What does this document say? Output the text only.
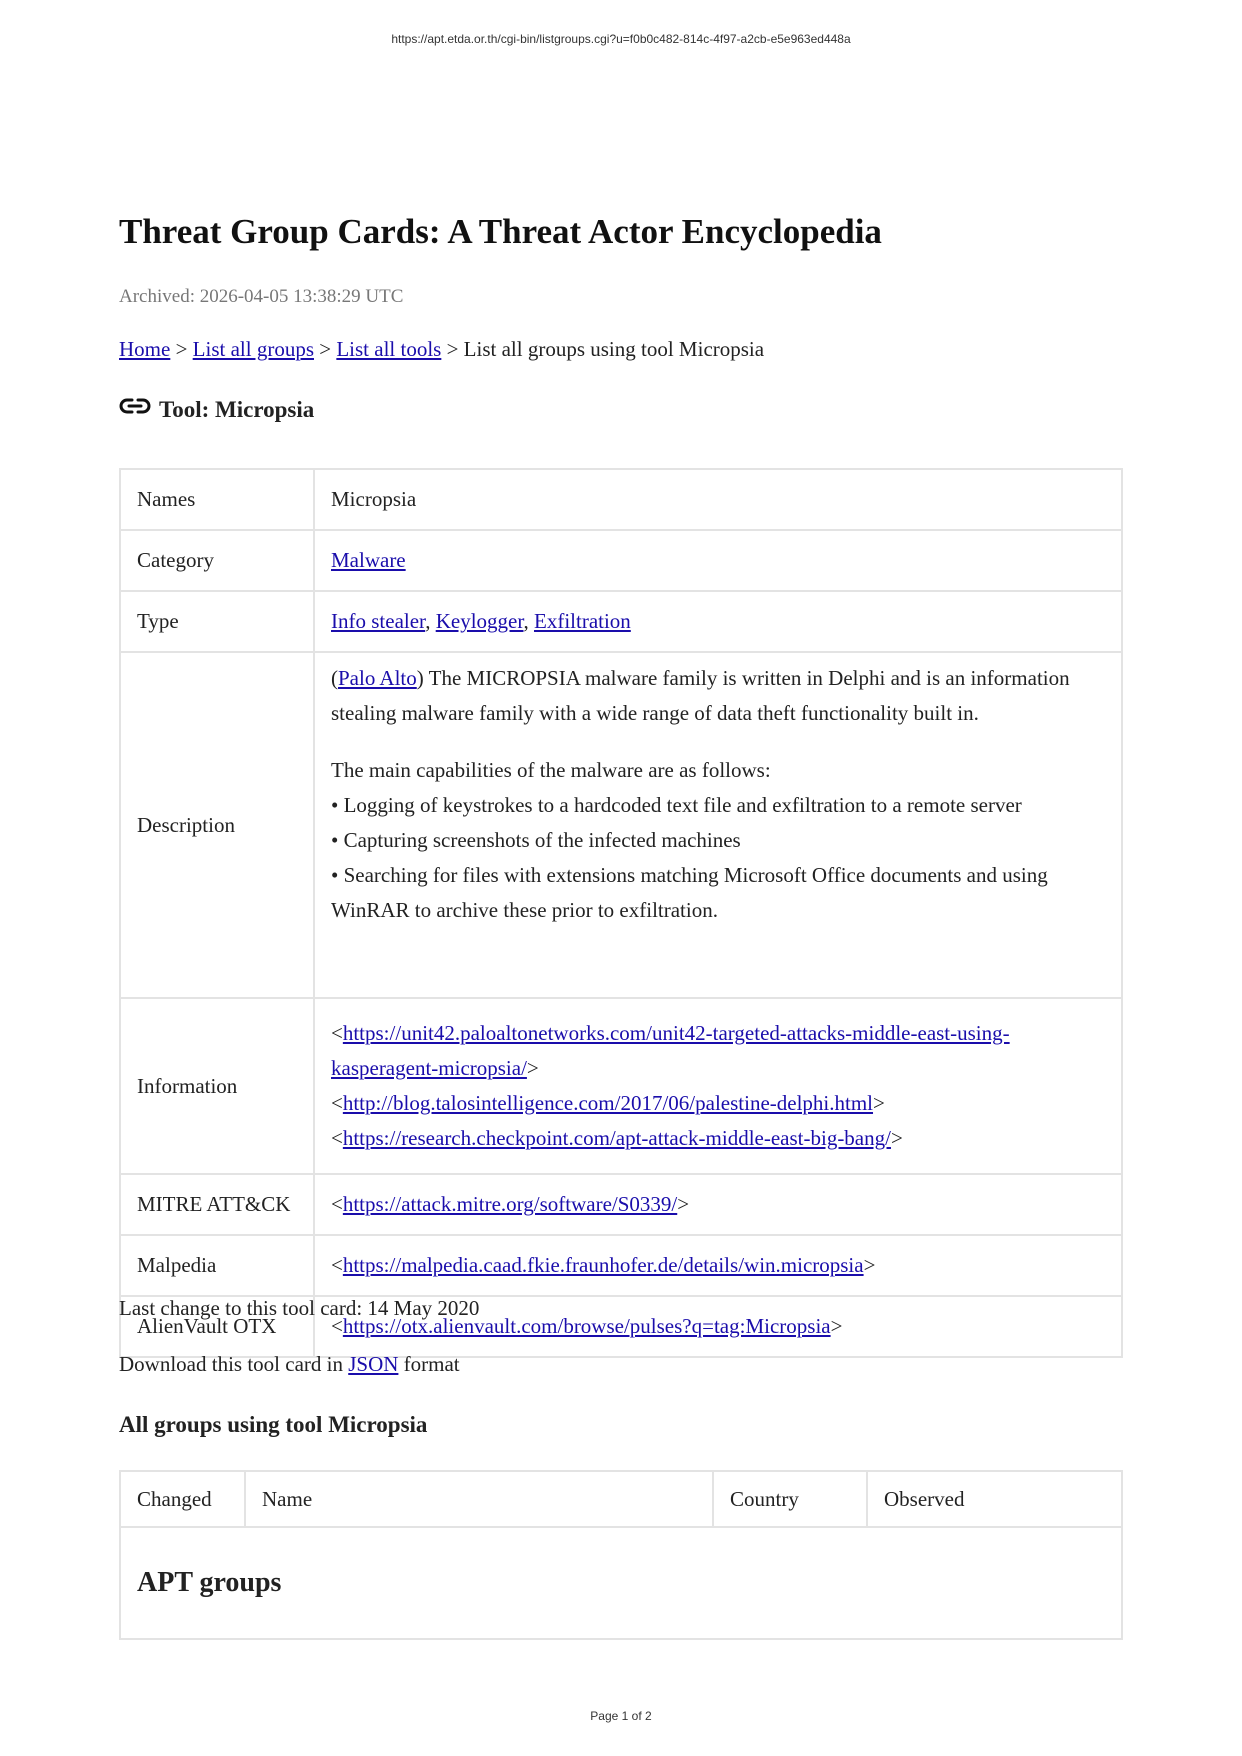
https://apt.etda.or.th/cgi-bin/listgroups.cgi?u=f0b0c482-814c-4f97-a2cb-e5e963ed448a
Threat Group Cards: A Threat Actor Encyclopedia
Archived: 2026-04-05 13:38:29 UTC
Home > List all groups > List all tools > List all groups using tool Micropsia
Tool: Micropsia
Names	Micropsia
Category	Malware
Type	Info stealer, Keylogger, Exfiltration
Description	(Palo Alto) The MICROPSIA malware family is written in Delphi and is an information stealing malware family with a wide range of data theft functionality built in.

The main capabilities of the malware are as follows:
• Logging of keystrokes to a hardcoded text file and exfiltration to a remote server
• Capturing screenshots of the infected machines
• Searching for files with extensions matching Microsoft Office documents and using WinRAR to archive these prior to exfiltration.

Information	<https://unit42.paloaltonetworks.com/unit42-targeted-attacks-middle-east-using-kasperagent-micropsia/>
<http://blog.talosintelligence.com/2017/06/palestine-delphi.html>
<https://research.checkpoint.com/apt-attack-middle-east-big-bang/>
MITRE ATT&CK	<https://attack.mitre.org/software/S0339/>
Malpedia	<https://malpedia.caad.fkie.fraunhofer.de/details/win.micropsia>
AlienVault OTX	<https://otx.alienvault.com/browse/pulses?q=tag:Micropsia>
Last change to this tool card: 14 May 2020
Download this tool card in JSON format
All groups using tool Micropsia
Changed	Name	Country	Observed

APT groups
Page 1 of 2
